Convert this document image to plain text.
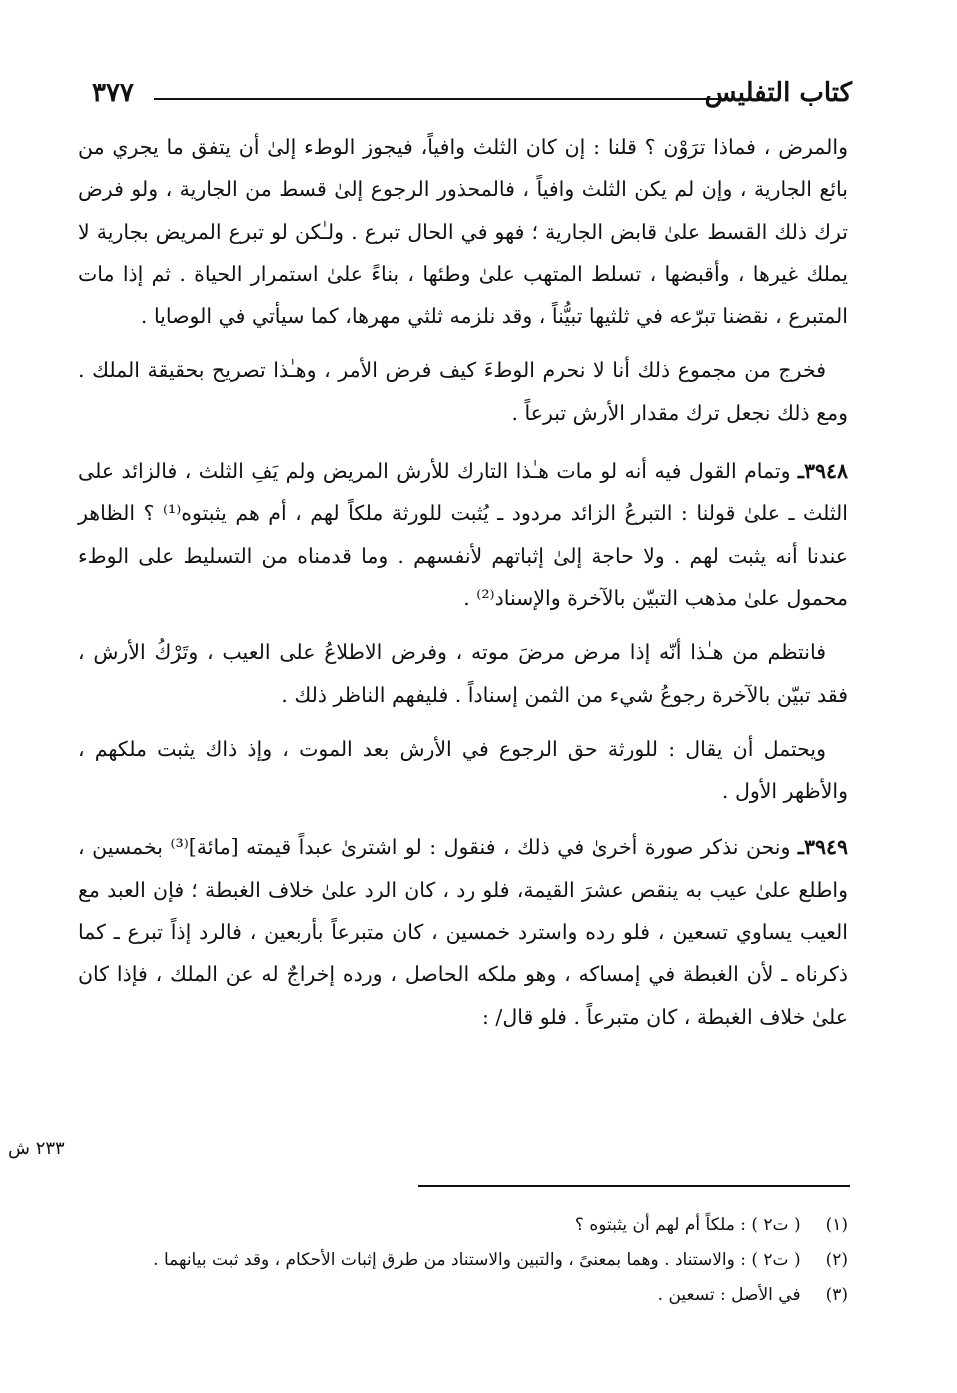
٣٧٧	كتاب التفليس

والمرض ، فماذا ترَوْن ؟ قلنا : إن كان الثلث وافياً، فيجوز الوطء إلىٰ أن يتفق ما يجري من بائع الجارية ، وإن لم يكن الثلث وافياً ، فالمحذور الرجوع إلىٰ قسط من الجارية ، ولو فرض ترك ذلك القسط علىٰ قابض الجارية ؛ فهو في الحال تبرع . ولـٰكن لو تبرع المريض بجارية لا يملك غيرها ، وأقبضها ، تسلط المتهب علىٰ وطئها ، بناءً علىٰ استمرار الحياة . ثم إذا مات المتبرع ، نقضنا تبرّعه في ثلثيها تبيُّناً ، وقد نلزمه ثلثي مهرها، كما سيأتي في الوصايا .

فخرج من مجموع ذلك أنا لا نحرم الوطءَ كيف فرض الأمر ، وهـٰذا تصريح بحقيقة الملك . ومع ذلك نجعل ترك مقدار الأرش تبرعاً .

٣٩٤٨ـ وتمام القول فيه أنه لو مات هـٰذا التارك للأرش المريض ولم يَفِ الثلث ، فالزائد على الثلث ـ علىٰ قولنا : التبرعُ الزائد مردود ـ يُثبت للورثة ملكاً لهم ، أم هم يثبتوه⁽¹⁾ ؟ الظاهر عندنا أنه يثبت لهم . ولا حاجة إلىٰ إثباتهم لأنفسهم . وما قدمناه من التسليط على الوطء محمول علىٰ مذهب التبيّن بالآخرة والإسناد⁽²⁾ .

فانتظم من هـٰذا أنّه إذا مرض مرضَ موته ، وفرض الاطلاعُ على العيب ، وتَرْكُ الأرش ، فقد تبيّن بالآخرة رجوعُ شيء من الثمن إسناداً . فليفهم الناظر ذلك .

ويحتمل أن يقال : للورثة حق الرجوع في الأرش بعد الموت ، وإذ ذاك يثبت ملكهم ، والأظهر الأول .

٣٩٤٩ـ ونحن نذكر صورة أخرىٰ في ذلك ، فنقول : لو اشترىٰ عبداً قيمته [مائة]⁽³⁾ بخمسين ، واطلع علىٰ عيب به ينقص عشرَ القيمة، فلو رد ، كان الرد علىٰ خلاف الغبطة ؛ فإن العبد مع العيب يساوي تسعين ، فلو رده واسترد خمسين ، كان متبرعاً بأربعين ، فالرد إذاً تبرع ـ كما ذكرناه ـ لأن الغبطة في إمساكه ، وهو ملكه الحاصل ، ورده إخراجٌ له عن الملك ، فإذا كان علىٰ خلاف الغبطة ، كان متبرعاً . فلو قال/ :

٢٣٣ ش

(١) ( ت٢ ) : ملكاً أم لهم أن يثبتوه ؟

(٢) ( ت٢ ) : والاستناد . وهما بمعنىً ، والتبين والاستناد من طرق إثبات الأحكام ، وقد ثبت بيانهما .

(٣) في الأصل : تسعين .
